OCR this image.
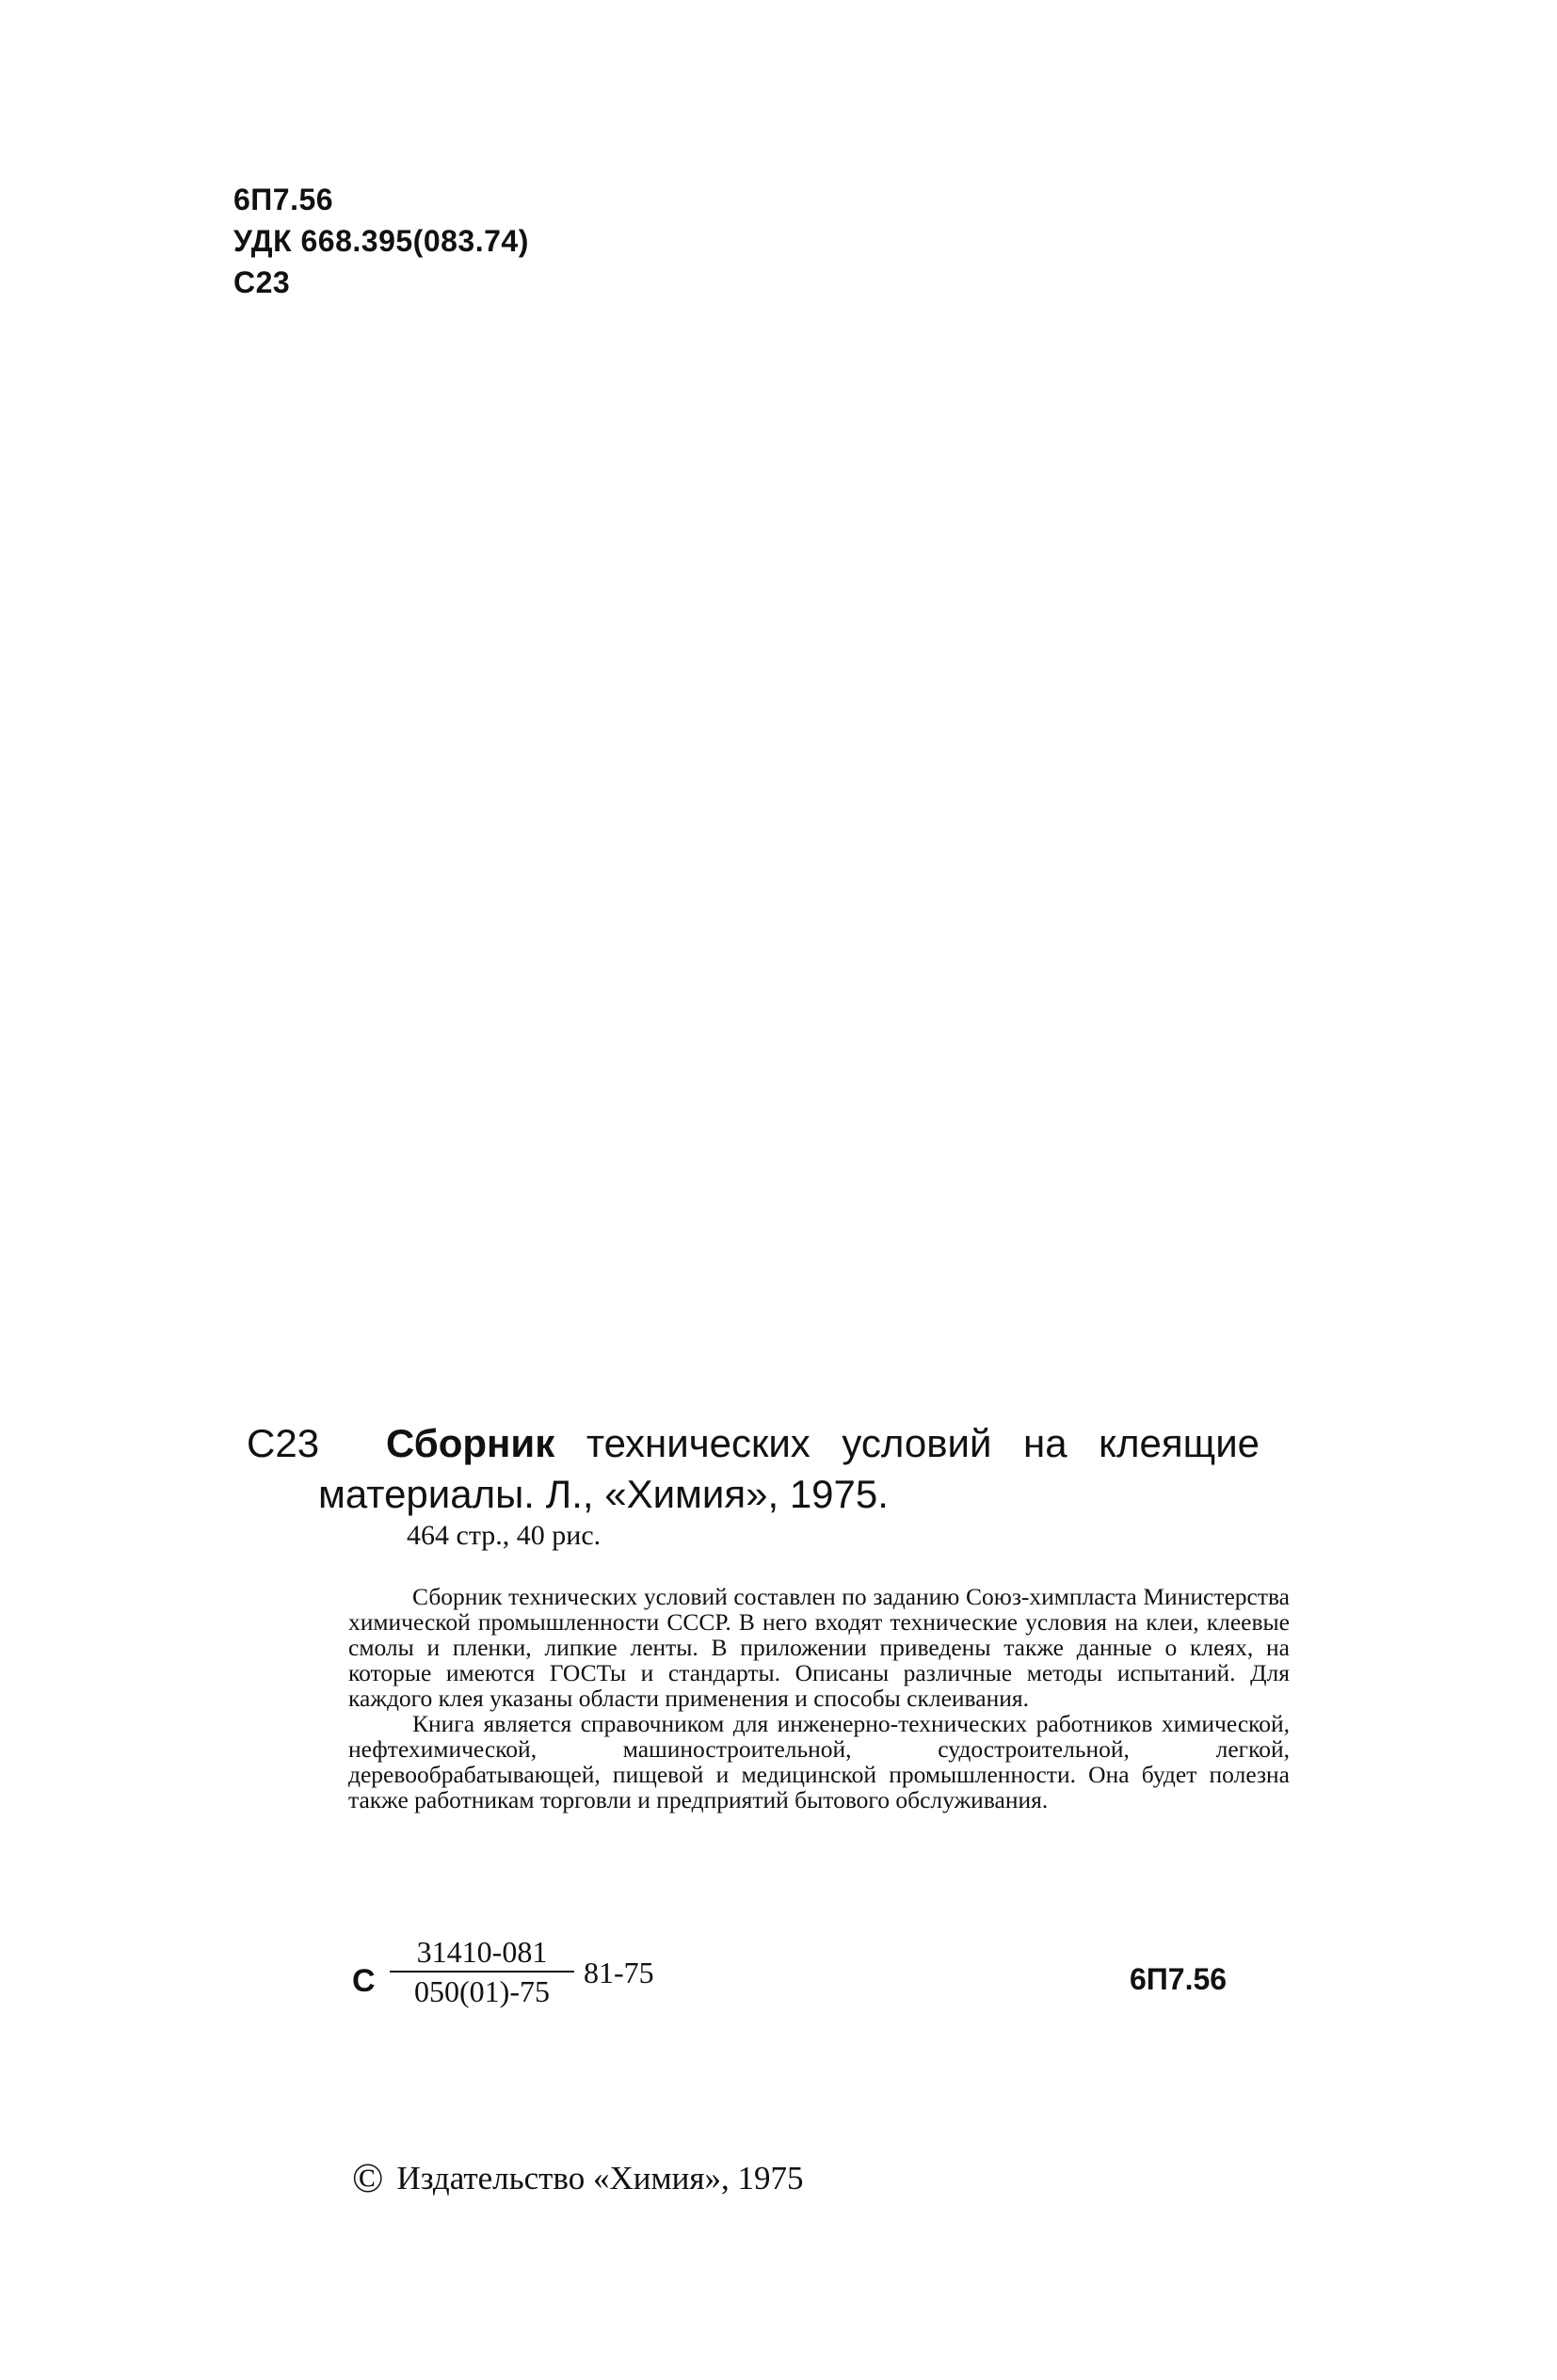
6П7.56
УДК 668.395(083.74)
С23
С23	Сборник технических условий на клеящие
материалы. Л., «Химия», 1975.
464 стр., 40 рис.

Сборник технических условий составлен по заданию Союз-химпласта Министерства химической промышленности СССР. В него входят технические условия на клеи, клеевые смолы и пленки, липкие ленты. В приложении приведены также данные о клеях, на которые имеются ГОСТы и стандарты. Описаны различные методы испытаний. Для каждого клея указаны области применения и способы склеивания.

Книга является справочником для инженерно-технических работников химической, нефтехимической, машиностроительной, судостроительной, легкой, деревообрабатывающей, пищевой и медицинской промышленности. Она будет полезна также работникам торговли и предприятий бытового обслуживания.

С $\frac{31410-081}{050(01)-75} 81-75$	6П7.56
© Издательство «Химия», 1975
